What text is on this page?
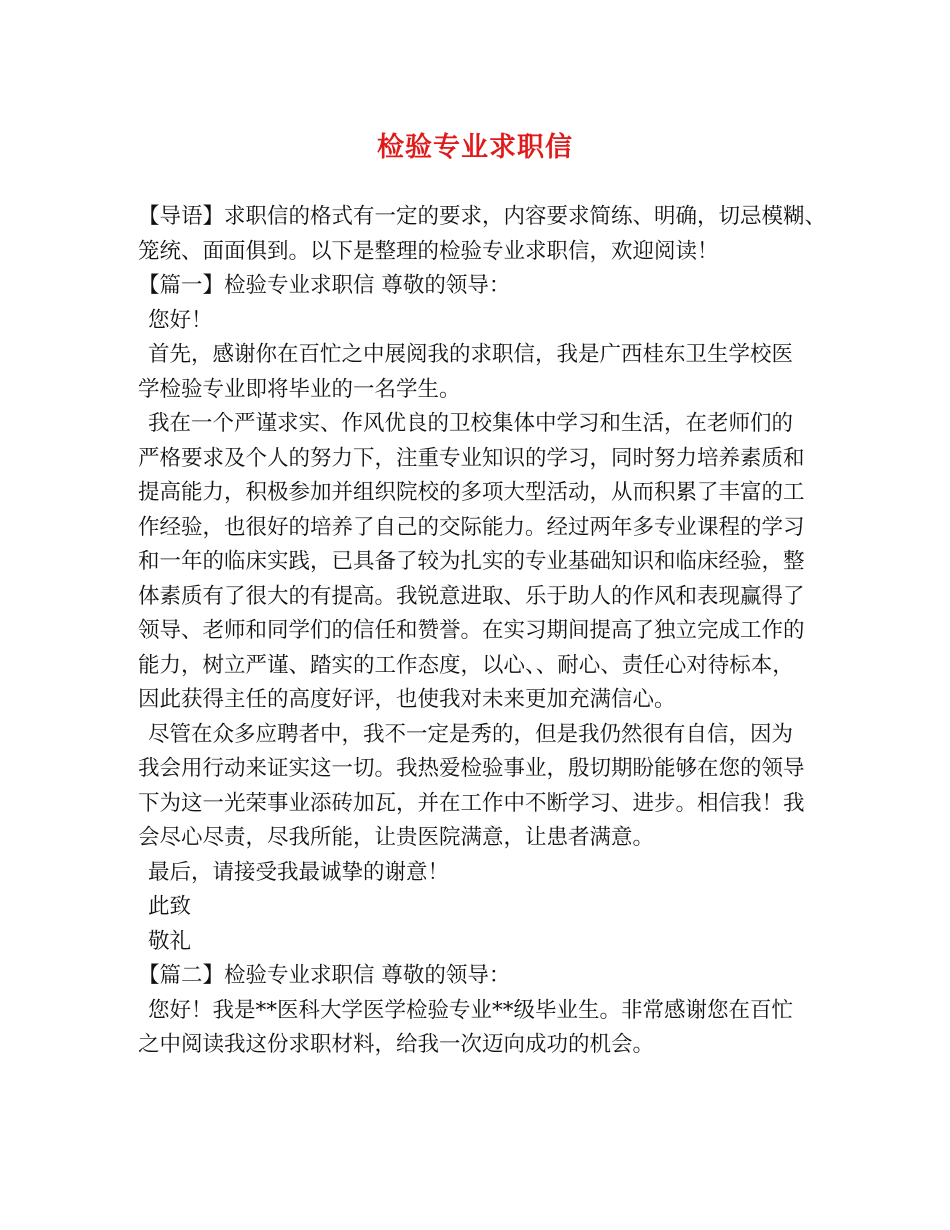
检验专业求职信
【导语】求职信的格式有一定的要求，内容要求简练、明确，切忌模糊、
笼统、面面俱到。以下是整理的检验专业求职信，欢迎阅读！
【篇一】检验专业求职信 尊敬的领导：
您好！
首先，感谢你在百忙之中展阅我的求职信，我是广西桂东卫生学校医
学检验专业即将毕业的一名学生。
我在一个严谨求实、作风优良的卫校集体中学习和生活，在老师们的
严格要求及个人的努力下，注重专业知识的学习，同时努力培养素质和
提高能力，积极参加并组织院校的多项大型活动，从而积累了丰富的工
作经验，也很好的培养了自己的交际能力。经过两年多专业课程的学习
和一年的临床实践，已具备了较为扎实的专业基础知识和临床经验，整
体素质有了很大的有提高。我锐意进取、乐于助人的作风和表现赢得了
领导、老师和同学们的信任和赞誉。在实习期间提高了独立完成工作的
能力，树立严谨、踏实的工作态度，以心、、耐心、责任心对待标本，
因此获得主任的高度好评，也使我对未来更加充满信心。
尽管在众多应聘者中，我不一定是秀的，但是我仍然很有自信，因为
我会用行动来证实这一切。我热爱检验事业，殷切期盼能够在您的领导
下为这一光荣事业添砖加瓦，并在工作中不断学习、进步。相信我！我
会尽心尽责，尽我所能，让贵医院满意，让患者满意。
最后，请接受我最诚挚的谢意！
此致
敬礼
【篇二】检验专业求职信 尊敬的领导：
您好！我是**医科大学医学检验专业**级毕业生。非常感谢您在百忙
之中阅读我这份求职材料，给我一次迈向成功的机会。
